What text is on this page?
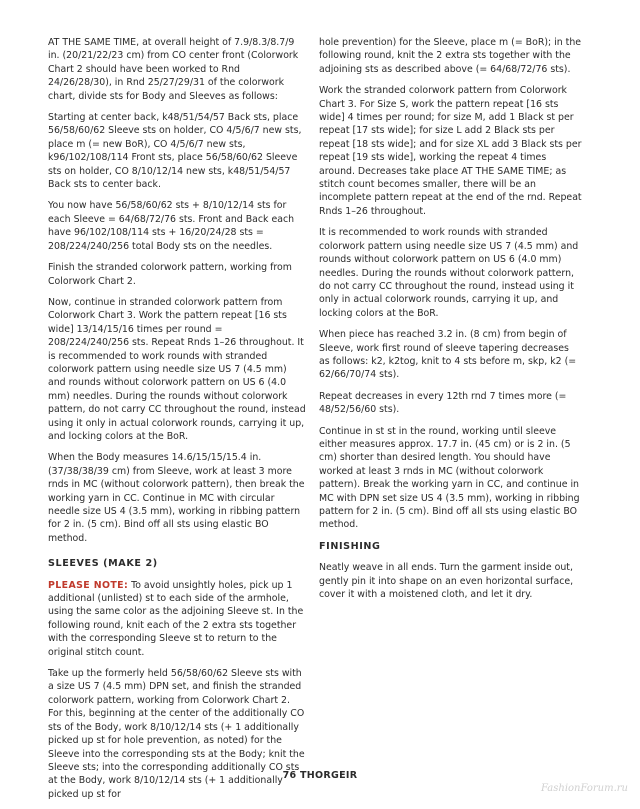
AT THE SAME TIME, at overall height of 7.9/8.3/8.7/9 in. (20/21/22/23 cm) from CO center front (Colorwork Chart 2 should have been worked to Rnd 24/26/28/30), in Rnd 25/27/29/31 of the colorwork chart, divide sts for Body and Sleeves as follows:

Starting at center back, k48/51/54/57 Back sts, place 56/58/60/62 Sleeve sts on holder, CO 4/5/6/7 new sts, place m (= new BoR), CO 4/5/6/7 new sts, k96/102/108/114 Front sts, place 56/58/60/62 Sleeve sts on holder, CO 8/10/12/14 new sts, k48/51/54/57 Back sts to center back.

You now have 56/58/60/62 sts + 8/10/12/14 sts for each Sleeve = 64/68/72/76 sts. Front and Back each have 96/102/108/114 sts + 16/20/24/28 sts = 208/224/240/256 total Body sts on the needles.

Finish the stranded colorwork pattern, working from Colorwork Chart 2.

Now, continue in stranded colorwork pattern from Colorwork Chart 3. Work the pattern repeat [16 sts wide] 13/14/15/16 times per round = 208/224/240/256 sts. Repeat Rnds 1–26 throughout. It is recommended to work rounds with stranded colorwork pattern using needle size US 7 (4.5 mm) and rounds without colorwork pattern on US 6 (4.0 mm) needles. During the rounds without colorwork pattern, do not carry CC throughout the round, instead using it only in actual colorwork rounds, carrying it up, and locking colors at the BoR.

When the Body measures 14.6/15/15/15.4 in. (37/38/38/39 cm) from Sleeve, work at least 3 more rnds in MC (without colorwork pattern), then break the working yarn in CC. Continue in MC with circular needle size US 4 (3.5 mm), working in ribbing pattern for 2 in. (5 cm). Bind off all sts using elastic BO method.

SLEEVES (MAKE 2)

PLEASE NOTE: To avoid unsightly holes, pick up 1 additional (unlisted) st to each side of the armhole, using the same color as the adjoining Sleeve st. In the following round, knit each of the 2 extra sts together with the corresponding Sleeve st to return to the original stitch count.

Take up the formerly held 56/58/60/62 Sleeve sts with a size US 7 (4.5 mm) DPN set, and finish the stranded colorwork pattern, working from Colorwork Chart 2. For this, beginning at the center of the additionally CO sts of the Body, work 8/10/12/14 sts (+ 1 additionally picked up st for hole prevention, as noted) for the Sleeve into the corresponding sts at the Body; knit the Sleeve sts; into the corresponding additionally CO sts at the Body, work 8/10/12/14 sts (+ 1 additionally picked up st for

hole prevention) for the Sleeve, place m (= BoR); in the following round, knit the 2 extra sts together with the adjoining sts as described above (= 64/68/72/76 sts).

Work the stranded colorwork pattern from Colorwork Chart 3. For Size S, work the pattern repeat [16 sts wide] 4 times per round; for size M, add 1 Black st per repeat [17 sts wide]; for size L add 2 Black sts per repeat [18 sts wide]; and for size XL add 3 Black sts per repeat [19 sts wide], working the repeat 4 times around. Decreases take place AT THE SAME TIME; as stitch count becomes smaller, there will be an incomplete pattern repeat at the end of the rnd. Repeat Rnds 1–26 throughout.

It is recommended to work rounds with stranded colorwork pattern using needle size US 7 (4.5 mm) and rounds without colorwork pattern on US 6 (4.0 mm) needles. During the rounds without colorwork pattern, do not carry CC throughout the round, instead using it only in actual colorwork rounds, carrying it up, and locking colors at the BoR.

When piece has reached 3.2 in. (8 cm) from begin of Sleeve, work first round of sleeve tapering decreases as follows: k2, k2tog, knit to 4 sts before m, skp, k2 (= 62/66/70/74 sts).

Repeat decreases in every 12th rnd 7 times more (= 48/52/56/60 sts).

Continue in st st in the round, working until sleeve either measures approx. 17.7 in. (45 cm) or is 2 in. (5 cm) shorter than desired length. You should have worked at least 3 rnds in MC (without colorwork pattern). Break the working yarn in CC, and continue in MC with DPN set size US 4 (3.5 mm), working in ribbing pattern for 2 in. (5 cm). Bind off all sts using elastic BO method.

FINISHING

Neatly weave in all ends. Turn the garment inside out, gently pin it into shape on an even horizontal surface, cover it with a moistened cloth, and let it dry.

76 THORGEIR
FashionForum.ru
